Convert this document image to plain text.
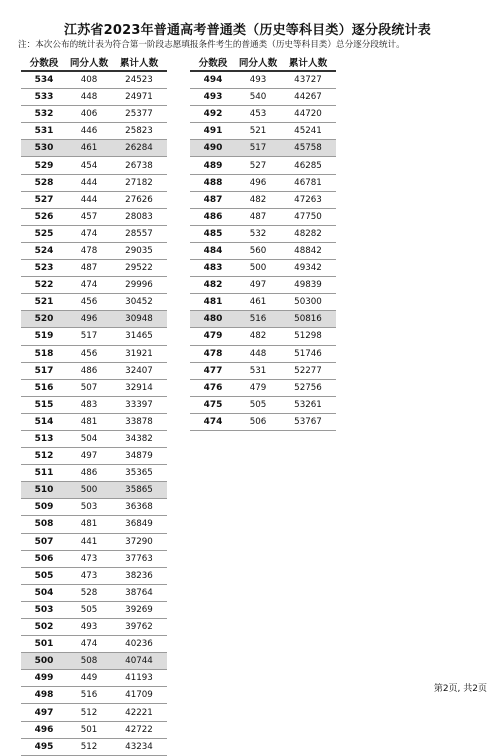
江苏省2023年普通高考普通类（历史等科目类）逐分段统计表
注：本次公布的统计表为符合第一阶段志愿填报条件考生的普通类（历史等科目类）总分逐分段统计。
分数段	同分人数	累计人数
534	408	24523
533	448	24971
532	406	25377
531	446	25823
530	461	26284
529	454	26738
528	444	27182
527	444	27626
526	457	28083
525	474	28557
524	478	29035
523	487	29522
522	474	29996
521	456	30452
520	496	30948
519	517	31465
518	456	31921
517	486	32407
516	507	32914
515	483	33397
514	481	33878
513	504	34382
512	497	34879
511	486	35365
510	500	35865
509	503	36368
508	481	36849
507	441	37290
506	473	37763
505	473	38236
504	528	38764
503	505	39269
502	493	39762
501	474	40236
500	508	40744
499	449	41193
498	516	41709
497	512	42221
496	501	42722
495	512	43234
分数段	同分人数	累计人数
494	493	43727
493	540	44267
492	453	44720
491	521	45241
490	517	45758
489	527	46285
488	496	46781
487	482	47263
486	487	47750
485	532	48282
484	560	48842
483	500	49342
482	497	49839
481	461	50300
480	516	50816
479	482	51298
478	448	51746
477	531	52277
476	479	52756
475	505	53261
474	506	53767
第2页, 共2页
